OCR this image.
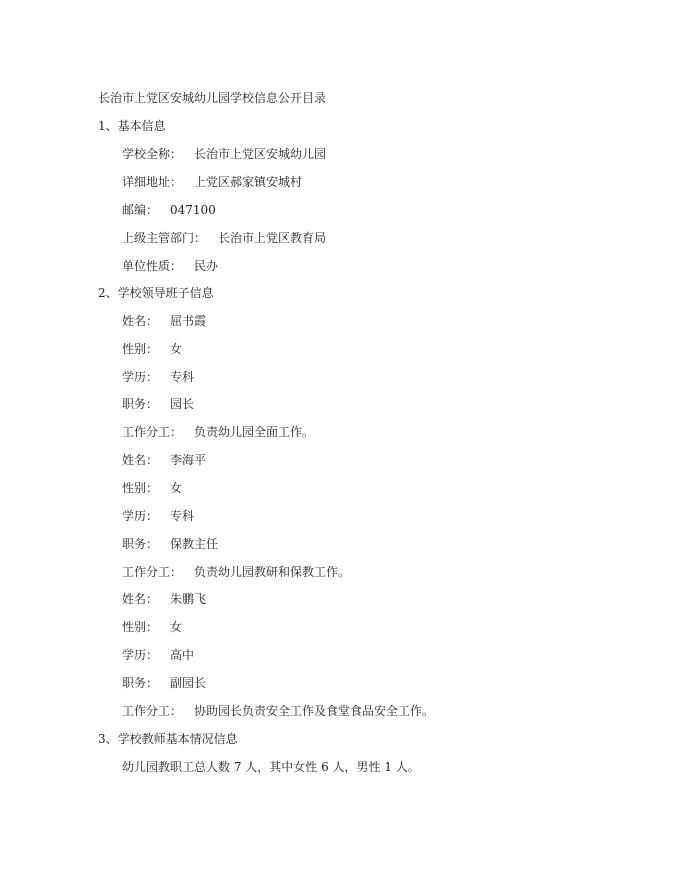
长治市上党区安城幼儿园学校信息公开目录
1、基本信息
学校全称： 长治市上党区安城幼儿园
详细地址： 上党区郝家镇安城村
邮编： 047100
上级主管部门： 长治市上党区教育局
单位性质： 民办
2、学校领导班子信息
姓名： 屈书霞
性别： 女
学历： 专科
职务： 园长
工作分工： 负责幼儿园全面工作。
姓名： 李海平
性别： 女
学历： 专科
职务： 保教主任
工作分工： 负责幼儿园教研和保教工作。
姓名： 朱鹏飞
性别： 女
学历： 高中
职务： 副园长
工作分工： 协助园长负责安全工作及食堂食品安全工作。
3、学校教师基本情况信息
幼儿园教职工总人数 7 人，其中女性 6 人，男性 1 人。
